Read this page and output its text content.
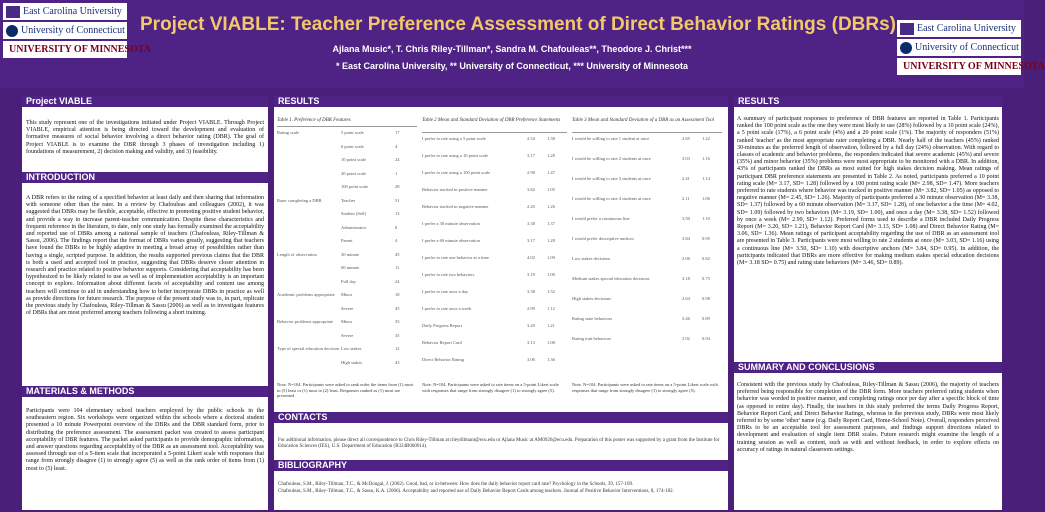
East Carolina University
University of Connecticut
UNIVERSITY OF MINNESOTA
East Carolina University
University of Connecticut
UNIVERSITY OF MINNESOTA
Project VIABLE: Teacher Preference Assessment of Direct Behavior Ratings (DBRs)
Ajlana Music*, T. Chris Riley-Tillman*, Sandra M. Chafouleas**, Theodore J. Christ***
* East Carolina University, ** University of Connecticut, *** University of Minnesota
Project VIABLE
This study represent one of the investigations initiated under Project VIABLE. Through Project VIABLE, empirical attention is being directed toward the development and evaluation of formative measures of social behavior involving a direct behavior rating (DBR). The goal of Project VIABLE is to examine the DBR through 3 phases of investigation including 1) foundations of measurement, 2) decision making and validity, and 3) feasibility.
INTRODUCTION
A DBR refers to the rating of a specified behavior at least daily and then sharing that information with someone other than the rater. In a review by Chafouleas and colleagues (2002), it was suggested that DBRs may be flexible, acceptable, effective in promoting positive student behavior, and provide a way to increase parent-teacher communication. Despite these characteristics and frequent reference in the literature, to date, only one study has formally examined the acceptability and reported use of DBRs among a national sample of teachers (Chafouleas, Riley-Tillman & Sassu, 2006). The findings report that the format of DBRs varies greatly, suggesting that teachers have found the DBRs to be highly adaptive in meeting a broad array of possibilities rather than having a single, scripted purpose. In addition, the results supported previous claims that the DBR is both a used and accepted tool in practice, suggesting that DBRs deserve closer attention in research and practice related to positive behavior supports. Considering that acceptability has been hypothesized to be likely related to use as well as of implementation acceptability is an important concept to explore. Information about different facets of acceptability and content use among teachers will continue to aid in understanding how to better incorporate DBRs in practice as well as provide directions for future research. The purpose of the present study was to, in part, replicate the previous study by Chafouleas, Riley-Tillman & Sassu (2006) as well as to investigate features of DBRs that are most preferred among teachers following a short training.
MATERIALS & METHODS
Participants were 104 elementary school teachers employed by the public schools in the southeastern region. Six workshops were organized within the schools where a doctoral student presented a 10 minute Powerpoint overview of the DBRs and the DBR standard form, prior to distributing the preference assessment. The assessment packet was created to assess participant acceptability of DBR features. The packet asked participants to provide demographic information, and answer questions regarding acceptability of the DBR as an assessment tool. Acceptability was assessed through use of a 5-item scale that incorporated a 5-point Likert scale with responses that range from strongly disagree (1) to strongly agree (5) as well as the rank order of items from (1) most to (5) least.
RESULTS
Table 1. Preference of DBR Features
Rating scale	5 point scale	17
6 point scale	4
10 point scale	24
20 point scale	1
100 point scale	28
Rater completing a DBR	Teacher	51
Student (Self)	13
Administrator	6
Parent	4
Length of observation	30 minute	45
60 minute	11
Full day	24
Academic problems appropriate	Minor	18
Severe	45
Behavior problems appropriate	Minor	35
Severe	35
Type of special education decision Low stakes	12
High stakes	43
Note. N=104. Participants were asked to rank order the items from (1) most to (5) least or (1) most to (2) least. Responses ranked as (1) most are presented.
Table 2 Mean and Standard Deviation of DBR Preference Statements
I prefer to rate using a 5 point scale	2.54	1.38
I prefer to rate using a 10 point scale	3.17	1.28
I prefer to rate using a 100 point scale	2.98	1.47
Behavior tracked in positive manner	3.82	1.05
Behavior tracked in negative manner	2.45	1.26
I prefer a 30 minute observation	3.38	1.37
I prefer a 60 minute observation	3.17	1.28
I prefer to rate one behavior at a time	4.02	1.09
I prefer to rate two behaviors	3.19	1.00
I prefer to rate once a day	3.38	1.52
I prefer to rate once a week	2.99	1.12
Daily Progress Report	3.20	1.21
Behavior Report Card	3.13	1.08
Direct Behavior Rating	3.06	1.36
Note. N=104. Participants were asked to rate items on a 5-point Likert scale with responses that range from strongly disagree (1) to strongly agree (5).
Table 3 Mean and Standard Deviation of a DBR as an Assessment Tool
I would be willing to rate 1 student at once	2.85	1.22
I would be willing to rate 2 students at once	3.03	1.16
I would be willing to rate 3 students at once	2.41	1.14
I would be willing to rate 4 students at once	2.11	1.06
I would prefer a continuous line	3.50	1.10
I would prefer descriptive anchors	3.84	0.95
Low stakes decisions	3.06	0.82
Medium stakes special education decisions	3.18	0.75
High stakes decisions	2.64	0.98
Rating state behaviors	3.46	0.89
Rating trait behaviors	3.02	0.94
Note. N=104. Participants were asked to rate items on a 5-point Likert scale with responses that range from strongly disagree (1) to strongly agree (5).
CONTACTS
For additional information, please direct all correspondence to Chris Riley-Tillman at rileytillmant@ecu.edu or Ajlana Music at AM0926@ecu.edu. Preparation of this poster was supported by a grant from the Institute for Education Sciences (IES), U.S. Department of Education (R324B060014).
BIBLIOGRAPHY
Chafouleas, S.M., Riley-Tillman, T.C., & McDougal, J. (2002). Good, bad, or in-between: How does the daily behavior report card rate? Psychology in the Schools, 39, 157-169.
Chafouleas, S.M., Riley-Tillman, T.C., & Sassu, K.A. (2006). Acceptability and reported use of Daily Behavior Report Cards among teachers. Journal of Positive Behavior Interventions, 8, 174-182.
RESULTS
A summary of participant responses to preference of DBR features are reported in Table 1. Participants ranked the 100 point scale as the one they were most likely to use (28%) followed by a 10 point scale (24%), a 5 point scale (17%), a 6 point scale (4%) and a 20 point scale (1%). The majority of responders (51%) ranked 'teacher' as the most appropriate rater completing a DBR. Nearly half of the teachers (45%) ranked 30-minutes as the preferred length of observation, followed by a full day (24%) observation. With regard to classes of academic and behavior problems, the responders indicated that severe academic (45%) and severe (35%) and minor behavior (35%) problems were most appropriate to be monitored with a DBR. In addition, 43% of participants ranked the DBRs as most suited for high stakes decision making. Mean ratings of participant DBR preference statements are presented in Table 2. As noted, participants preferred a 10 point rating scale (M= 3.17, SD= 1.28) followed by a 100 point rating scale (M= 2.98, SD= 1.47). More teachers preferred to rate students where behavior was tracked in positive manner (M= 3.82, SD= 1.05) as opposed to negative manner (M= 2.45, SD= 1.26). Majority of participants preferred a 30 minute observation (M= 3.38, SD= 1.37) followed by a 60 minute observation (M= 3.17, SD= 1.28), of one behavior a the time (M= 4.02, SD= 1.09) followed by two behaviors (M= 3.19, SD= 1.00), and once a day (M= 3.38, SD= 1.52) followed by once a week (M= 2.99, SD= 1.12). Preferred forms used to describe a DBR included Daily Progress Report (M= 3.20, SD= 1.21), Behavior Report Card (M= 3.13, SD= 1.08) and Direct Behavior Rating (M= 3.06, SD= 1.36). Mean ratings of participant acceptability regarding the use of DBR as an assessment tool are presented in Table 3. Participants were most willing to rate 2 students at once (M= 3.03, SD= 1.16) using a continuous line (M= 3.50, SD= 1.10) with descriptive anchors (M= 3.84, SD= 0.95). In addition, the participants indicated that DBRs are more effective for making medium stakes special education decisions (M= 3.18 SD= 0.75) and rating state behaviors (M= 3.46, SD= 0.89).
SUMMARY AND CONCLUSIONS
Consistent with the previous study by Chafouleas, Riley-Tillman & Sassu (2006), the majority of teachers preferred being responsible for completion of the DBR form. More teachers preferred rating students when behavior was worded in positive manner, and completing ratings once per day after a specific block of time (as opposed to entire day). Finally, the teachers in this study preferred the terms Daily Progress Report, Behavior Report Card, and Direct Behavior Ratings, whereas in the previous study, DBRs were most likely referred to by some 'other' name (e.g. Daily Report Card, Home-School Note). Overall, responders perceived DBRs to be an acceptable tool for assessment purposes, and findings support directions related to development and evaluation of single item DBR scales. Future research might examine the length of a training session as well as content, such as with and without feedback, in order to explore effects on accuracy of ratings in natural classroom settings.
